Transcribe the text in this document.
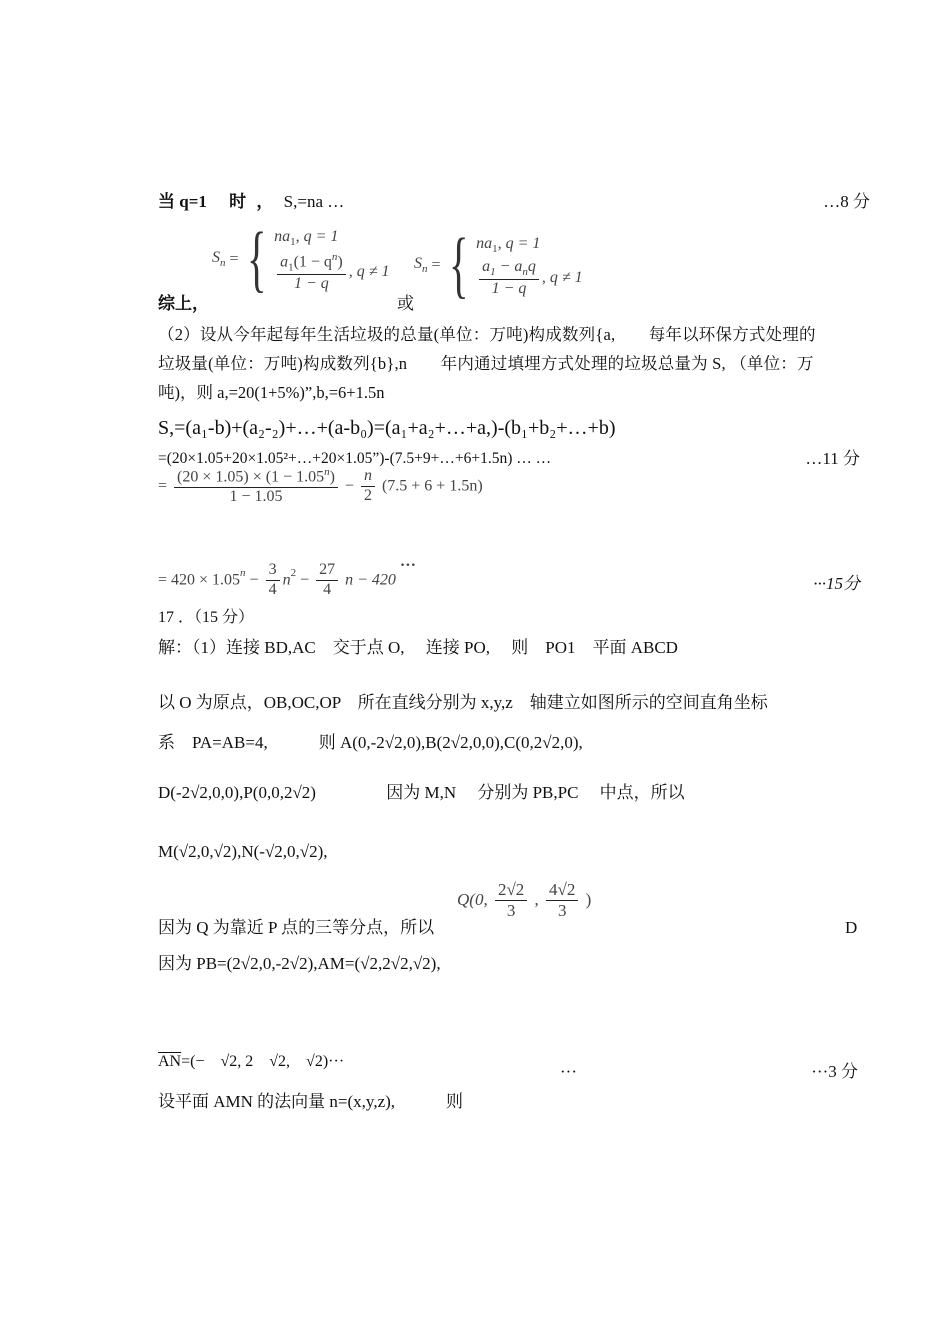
当 q=1 时 ， S,=na …	…8 分
综上，
$S_n$ = { $na_1$, q = 1
$\frac{a_1(1 - q^n)}{1 - q}$ , q ≠ 1
或
$S_n$ = { $na_1$, q = 1
$\frac{a_1 - a_nq}{1 - q}$ , q ≠ 1
（2）设从今年起每年生活垃圾的总量(单位：万吨)构成数列{a,　　每年以环保方式处理的
垃圾量(单位：万吨)构成数列{b},n　　年内通过填埋方式处理的垃圾总量为 S, （单位：万
吨)，则 a,=20(1+5%)”,b,=6+1.5n
S,=(a₁-b)+(a₂-₂)+…+(a-b₀)=(a₁+a₂+…+a,)-(b₁+b₂+…+b)
=(20×1.05+20×1.05²+…+20×1.05”)-(7.5+9+…+6+1.5n) … …	…11 分
= $\frac{(20 \times 1.05) \times (1 - 1.05^n)}{1 - 1.05} - \frac{n}{2} (7.5 + 6 + 1.5n)$
= $420 \times 1.05^n - \frac{3}{4} n^2 - \frac{27}{4}$ n − 420 ···
···15分
17 ．（15 分）
解：（1）连接 BD,AC　交于点 O,　 连接 PO,　 则　PO1　平面 ABCD
以 O 为原点，OB,OC,OP　所在直线分别为 x,y,z　轴建立如图所示的空间直角坐标
系　PA=AB=4,　　　则 A(0,-2√2,0),B(2√2,0,0),C(0,2√2,0),
D(-2√2,0,0),P(0,0,2√2)	因为 M,N　 分别为 PB,PC　 中点，所以
M(√2,0,√2),N(-√2,0,√2),
因为 Q 为靠近 P 点的三等分点，所以
Q(0, $\frac{2√2}{3}$ , $\frac{4√2}{3}$ )
D
因为 PB=(2√2,0,-2√2),AM=(√2,2√2,√2),
$\overline{AN}=(-$　√2, 2　√2,　√2)···
···	···3 分
设平面 AMN 的法向量 n=(x,y,z),　　　则
